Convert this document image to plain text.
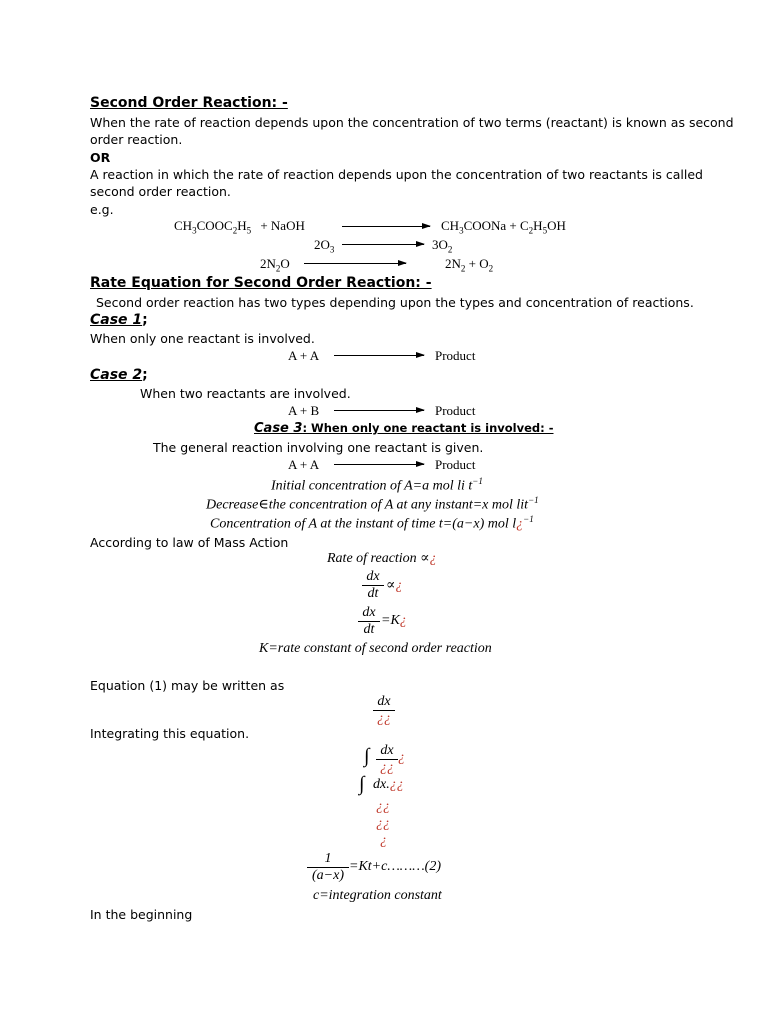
Second Order Reaction: -
When the rate of reaction depends upon the concentration of two terms (reactant) is known as second
order reaction.
OR
A reaction in which the rate of reaction depends upon the concentration of two reactants is called
second order reaction.
e.g.
$CH_3COOC_2H_5$ + NaOH	$CH_3COONa + C_2H_5OH$
$2O_3$	$3O_2$
$2N_2O$	$2N_2 + O_2$
Rate Equation for Second Order Reaction: -
Second order reaction has two types depending upon the types and concentration of reactions.
Case 1;
When only one reactant is involved.
A + A	Product
Case 2;
When two reactants are involved.
A + B	Product
Case 3: When only one reactant is involved: -
The general reaction involving one reactant is given.
A + A	Product
Initial concentration of A=a mol li $t^{-1}$
Decrease∈the concentration of A at any instant=x mol lit$^{-1}$
Concentration of A at the instant of time t=(a−x) mol l¿$^{-1}$
According to law of Mass Action
Rate of reaction ∝¿
$\frac{dx}{dt}$ ∝¿
$\frac{dx}{dt}$ =K¿
K=rate constant of second order reaction
Equation (1) may be written as
dx
¿¿
Integrating this equation.
∫ dx
¿¿
¿
∫ dx.¿¿
¿¿
¿¿
¿
$\frac{1}{(a-x)}$ =Kt+c………(2)
c=integration constant
In the beginning
